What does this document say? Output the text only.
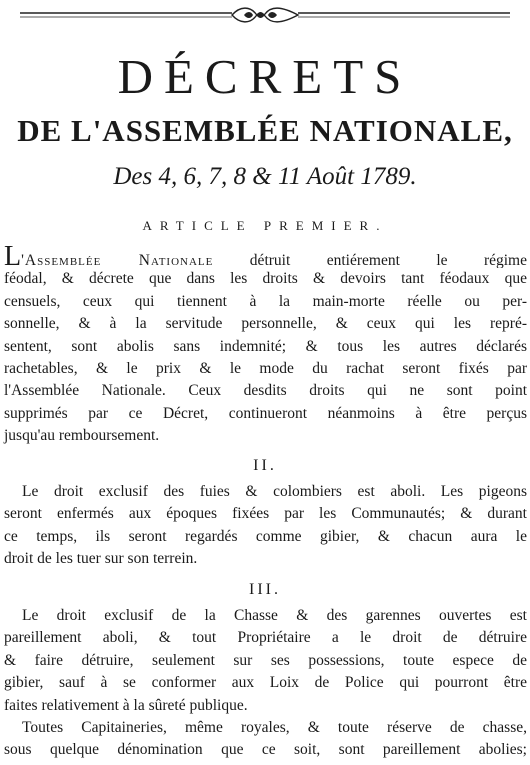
DÉCRETS
DE L'ASSEMBLÉE NATIONALE,
Des 4, 6, 7, 8 & 11 Août 1789.
ARTICLE PREMIER.
L'Assemblée Nationale détruit entiérement le régime
féodal, & décrete que dans les droits & devoirs tant féodaux que
censuels, ceux qui tiennent à la main-morte réelle ou per-
sonnelle, & à la servitude personnelle, & ceux qui les repré-
sentent, sont abolis sans indemnité; & tous les autres déclarés
rachetables, & le prix & le mode du rachat seront fixés par
l'Assemblée Nationale. Ceux desdits droits qui ne sont point
supprimés par ce Décret, continueront néanmoins à être perçus
jusqu'au remboursement.
II.
Le droit exclusif des fuies & colombiers est aboli. Les pigeons
seront enfermés aux époques fixées par les Communautés; & durant
ce temps, ils seront regardés comme gibier, & chacun aura le
droit de les tuer sur son terrein.
III.
Le droit exclusif de la Chasse & des garennes ouvertes est
pareillement aboli, & tout Propriétaire a le droit de détruire
& faire détruire, seulement sur ses possessions, toute espece de
gibier, sauf à se conformer aux Loix de Police qui pourront être
faites relativement à la sûreté publique.
Toutes Capitaineries, même royales, & toute réserve de chasse,
sous quelque dénomination que ce soit, sont pareillement abolies;
